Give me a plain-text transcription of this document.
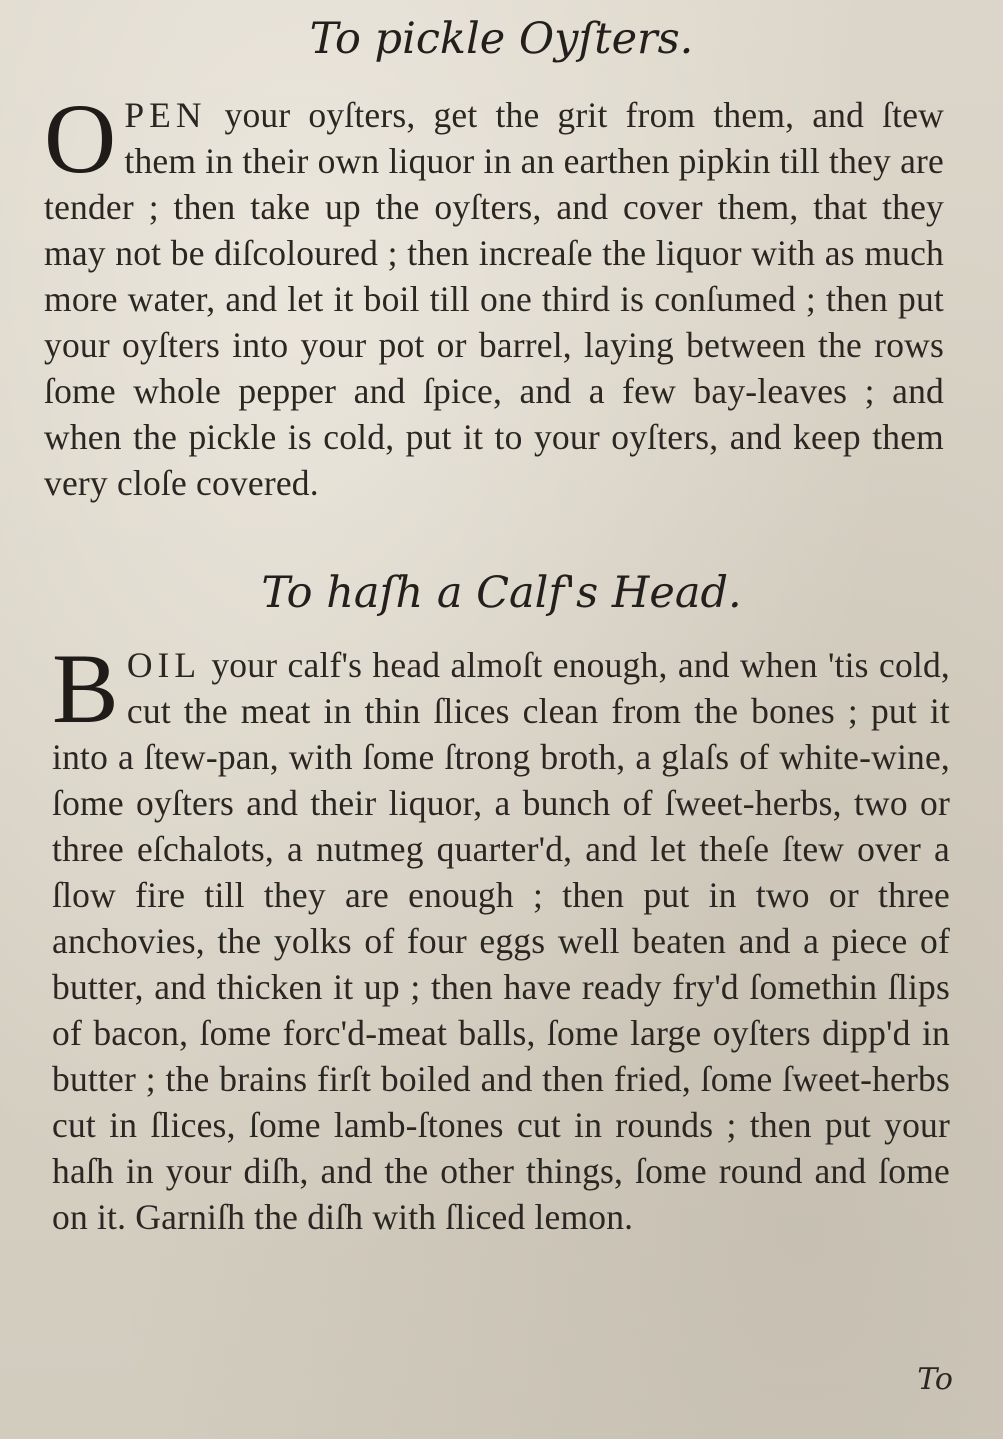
To pickle Oyſters.
OPEN your oyſters, get the grit from them, and ſtew them in their own liquor in an earthen pipkin till they are tender ; then take up the oyſters, and cover them, that they may not be diſcoloured ; then increaſe the liquor with as much more water, and let it boil till one third is conſumed ; then put your oyſters into your pot or barrel, laying between the rows ſome whole pepper and ſpice, and a few bay-leaves ; and when the pickle is cold, put it to your oyſters, and keep them very cloſe covered.
To haſh a Calf's Head.
BOIL your calf's head almoſt enough, and when 'tis cold, cut the meat in thin ſlices clean from the bones ; put it into a ſtew-pan, with ſome ſtrong broth, a glaſs of white-wine, ſome oyſters and their liquor, a bunch of ſweet-herbs, two or three eſchalots, a nutmeg quarter'd, and let theſe ſtew over a ſlow fire till they are enough ; then put in two or three anchovies, the yolks of four eggs well beaten and a piece of butter, and thicken it up ; then have ready fry'd ſomethin ſlips of bacon, ſome forc'd-meat balls, ſome large oyſters dipp'd in butter ; the brains firſt boiled and then fried, ſome ſweet-herbs cut in ſlices, ſome lamb-ſtones cut in rounds ; then put your haſh in your diſh, and the other things, ſome round and ſome on it. Garniſh the diſh with ſliced lemon.
To
